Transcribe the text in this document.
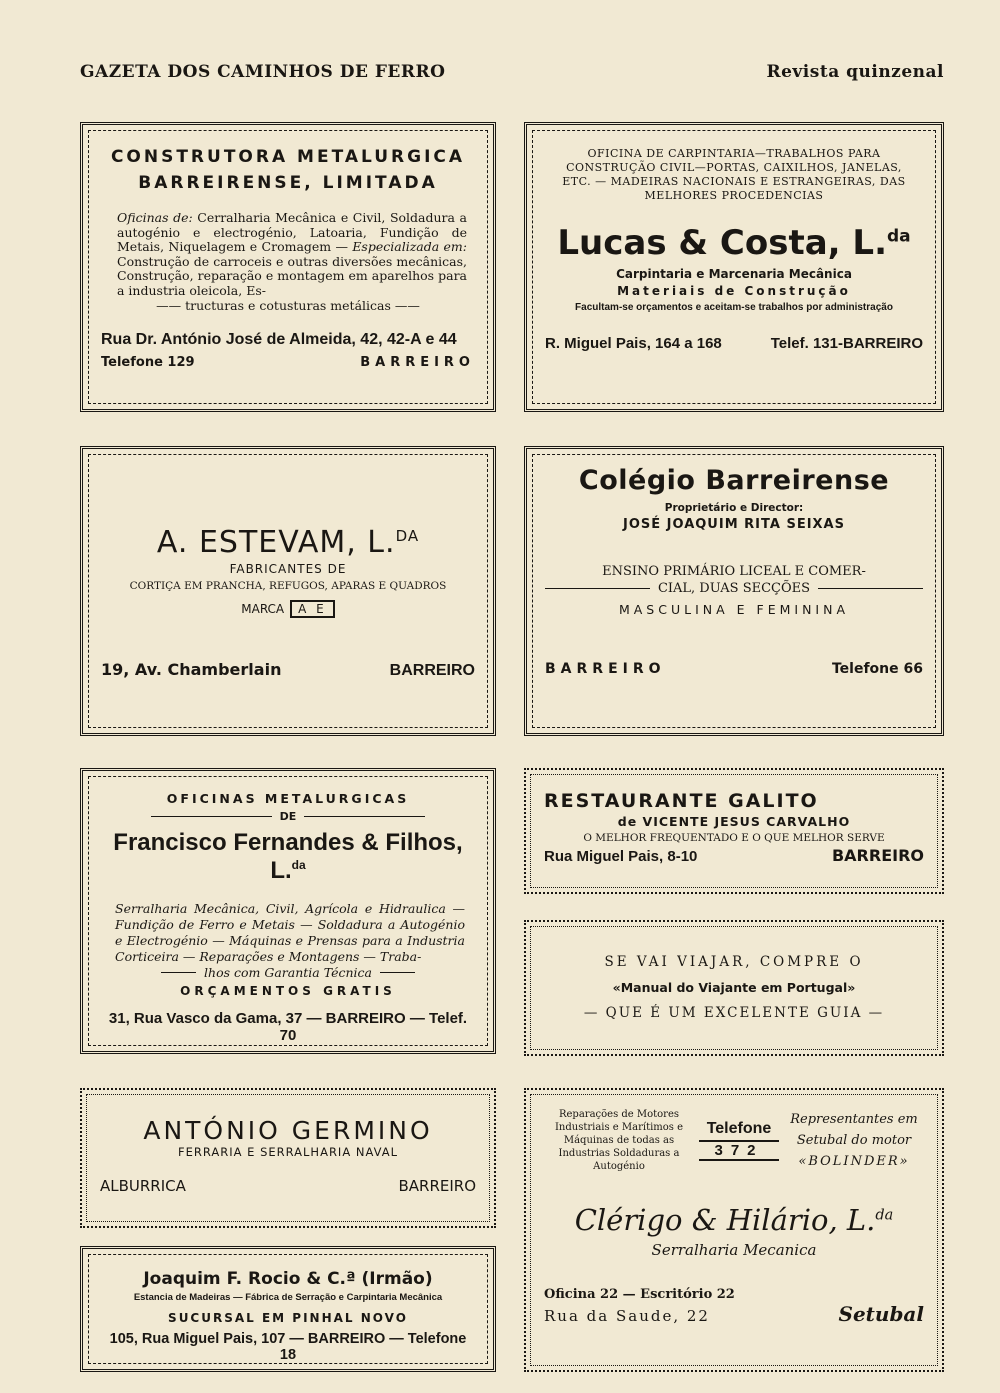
GAZETA DOS CAMINHOS DE FERRO	Revista quinzenal
CONSTRUTORA METALURGICA
BARREIRENSE, LIMITADA
Oficinas de: Cerralharia Mecânica e Civil, Soldadura a autogénio e electrogénio, Latoaria, Fundição de Metais, Niquelagem e Cromagem — Especializada em: Construção de carroceis e outras diversões mecânicas, Construção, reparação e montagem em aparelhos para a industria oleicola, Es-
—— tructuras e cotusturas metálicas ——
Rua Dr. António José de Almeida, 42, 42-A e 44
Telefone 129	BARREIRO
OFICINA DE CARPINTARIA—TRABALHOS PARA CONSTRUÇÃO CIVIL—PORTAS, CAIXILHOS, JANELAS, ETC. — MADEIRAS NACIONAIS E ESTRANGEIRAS, DAS MELHORES PROCEDENCIAS
Lucas & Costa, L.$^{da}$
Carpintaria e Marcenaria Mecânica
Materiais de Construção
Facultam-se orçamentos e aceitam-se trabalhos por administração
R. Miguel Pais, 164 a 168	Telef. 131-BARREIRO
A. ESTEVAM, L.$^{DA}$
FABRICANTES DE
CORTIÇA EM PRANCHA, REFUGOS, APARAS E QUADROS
MARCA A E
19, Av. Chamberlain	BARREIRO
Colégio Barreirense
Proprietário e Director:
JOSÉ JOAQUIM RITA SEIXAS
ENSINO PRIMÁRIO LICEAL E COMER-
CIAL, DUAS SECÇÕES
MASCULINA E FEMININA
BARREIRO	Telefone 66
OFICINAS METALURGICAS
DE
Francisco Fernandes & Filhos, L.$^{da}$
Serralharia Mecânica, Civil, Agrícola e Hidraulica — Fundição de Ferro e Metais — Soldadura a Autogénio e Electrogénio — Máquinas e Prensas para a Industria Corticeira — Reparações e Montagens — Traba-
lhos com Garantia Técnica
ORÇAMENTOS GRATIS
31, Rua Vasco da Gama, 37 — BARREIRO — Telef. 70
RESTAURANTE GALITO
de VICENTE JESUS CARVALHO
O MELHOR FREQUENTADO E O QUE MELHOR SERVE
Rua Miguel Pais, 8-10	BARREIRO
SE VAI VIAJAR, COMPRE O
«Manual do Viajante em Portugal»
— QUE É UM EXCELENTE GUIA —
ANTÓNIO GERMINO
FERRARIA E SERRALHARIA NAVAL
ALBURRICA	BARREIRO
Joaquim F. Rocio & C.ª (Irmão)
Estancia de Madeiras — Fábrica de Serração e Carpintaria Mecânica
SUCURSAL EM PINHAL NOVO
105, Rua Miguel Pais, 107 — BARREIRO — Telefone 18
Reparações de Motores Industriais e Marítimos e Máquinas de todas as Industrias Soldaduras a Autogénio
Telefone
372
Representantes em
Setubal do motor
«BOLINDER»
Clérigo & Hilário, L.$^{da}$
Serralharia Mecanica
Oficina 22 — Escritório 22
Rua da Saude, 22	Setubal
